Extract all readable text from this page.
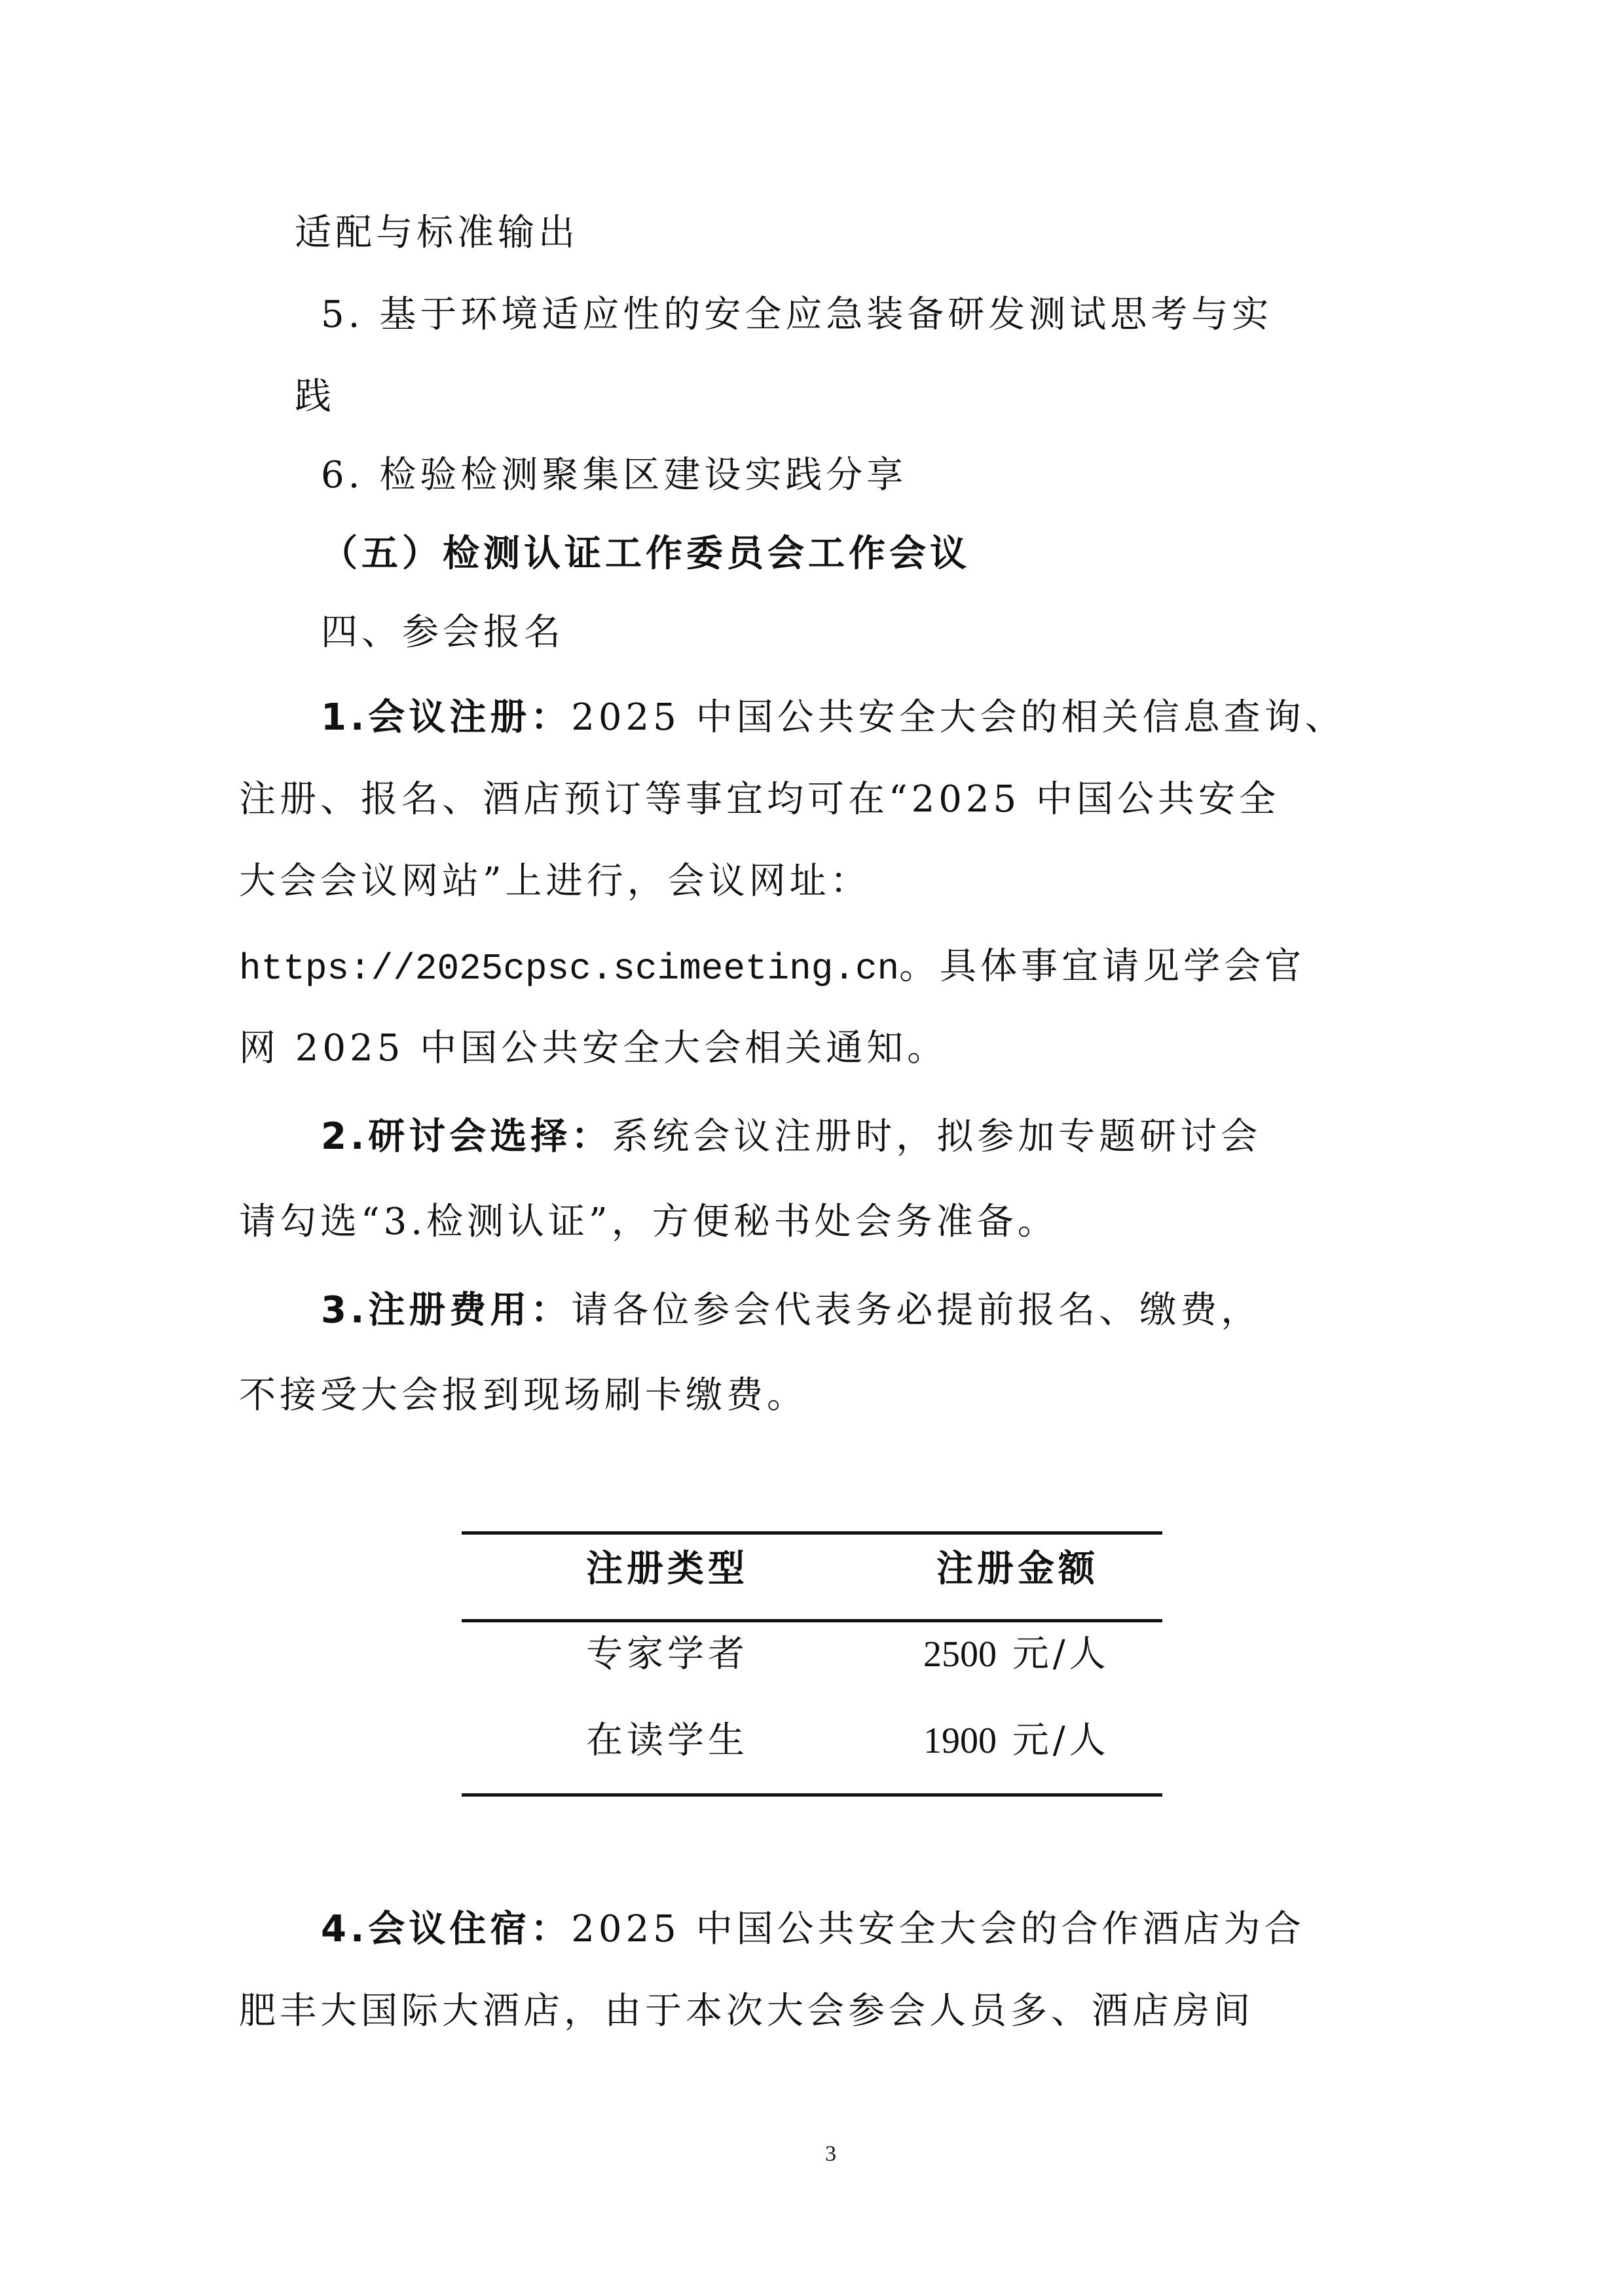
适配与标准输出
5. 基于环境适应性的安全应急装备研发测试思考与实
践
6. 检验检测聚集区建设实践分享
（五）检测认证工作委员会工作会议
四、参会报名
1.会议注册：2025 中国公共安全大会的相关信息查询、
注册、报名、酒店预订等事宜均可在“2025 中国公共安全
大会会议网站”上进行，会议网址：
https://2025cpsc.scimeeting.cn。具体事宜请见学会官
网 2025 中国公共安全大会相关通知。
2.研讨会选择：系统会议注册时，拟参加专题研讨会
请勾选“3.检测认证”，方便秘书处会务准备。
3.注册费用：请各位参会代表务必提前报名、缴费，
不接受大会报到现场刷卡缴费。
注册类型	注册金额
专家学者	2500 元/人
在读学生	1900 元/人
4.会议住宿：2025 中国公共安全大会的合作酒店为合
肥丰大国际大酒店，由于本次大会参会人员多、酒店房间
3
